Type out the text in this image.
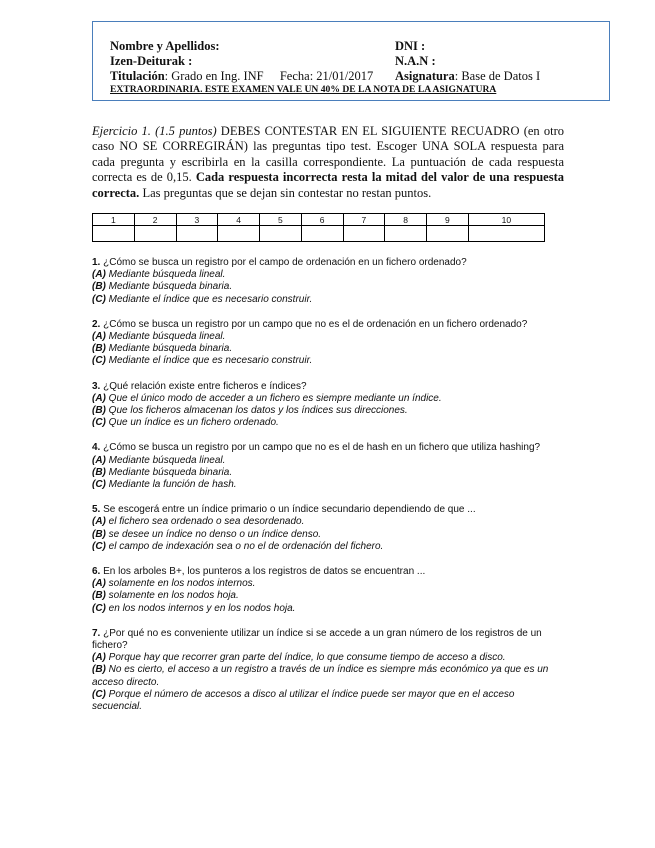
Nombre y Apellidos:	DNI :
Izen-Deiturak :	N.A.N :
Titulación: Grado en Ing. INF Fecha: 21/01/2017 Asignatura: Base de Datos I
EXTRAORDINARIA. ESTE EXAMEN VALE UN 40% DE LA NOTA DE LA ASIGNATURA

Ejercicio 1. (1.5 puntos) DEBES CONTESTAR EN EL SIGUIENTE RECUADRO (en otro caso NO SE CORREGIRÁN) las preguntas tipo test. Escoger UNA SOLA respuesta para cada pregunta y escribirla en la casilla correspondiente. La puntuación de cada respuesta correcta es de 0,15. Cada respuesta incorrecta resta la mitad del valor de una respuesta correcta. Las preguntas que se dejan sin contestar no restan puntos.

1	2	3	4	5	6	7	8	9	10

1. ¿Cómo se busca un registro por el campo de ordenación en un fichero ordenado?

(A) Mediante búsqueda lineal.

(B) Mediante búsqueda binaria.

(C) Mediante el índice que es necesario construir.

2. ¿Cómo se busca un registro por un campo que no es el de ordenación en un fichero ordenado?

(A) Mediante búsqueda lineal.

(B) Mediante búsqueda binaria.

(C) Mediante el índice que es necesario construir.

3. ¿Qué relación existe entre ficheros e índices?

(A) Que el único modo de acceder a un fichero es siempre mediante un índice.

(B) Que los ficheros almacenan los datos y los índices sus direcciones.

(C) Que un índice es un fichero ordenado.

4. ¿Cómo se busca un registro por un campo que no es el de hash en un fichero que utiliza hashing?

(A) Mediante búsqueda lineal.

(B) Mediante búsqueda binaria.

(C) Mediante la función de hash.

5. Se escogerá entre un índice primario o un índice secundario dependiendo de que ...

(A) el fichero sea ordenado o sea desordenado.

(B) se desee un índice no denso o un índice denso.

(C) el campo de indexación sea o no el de ordenación del fichero.

6. En los arboles B+, los punteros a los registros de datos se encuentran ...

(A) solamente en los nodos internos.

(B) solamente en los nodos hoja.

(C) en los nodos internos y en los nodos hoja.

7. ¿Por qué no es conveniente utilizar un índice si se accede a un gran número de los registros de un fichero?

(A) Porque hay que recorrer gran parte del índice, lo que consume tiempo de acceso a disco.

(B) No es cierto, el acceso a un registro a través de un índice es siempre más económico ya que es un acceso directo.

(C) Porque el número de accesos a disco al utilizar el índice puede ser mayor que en el acceso secuencial.
